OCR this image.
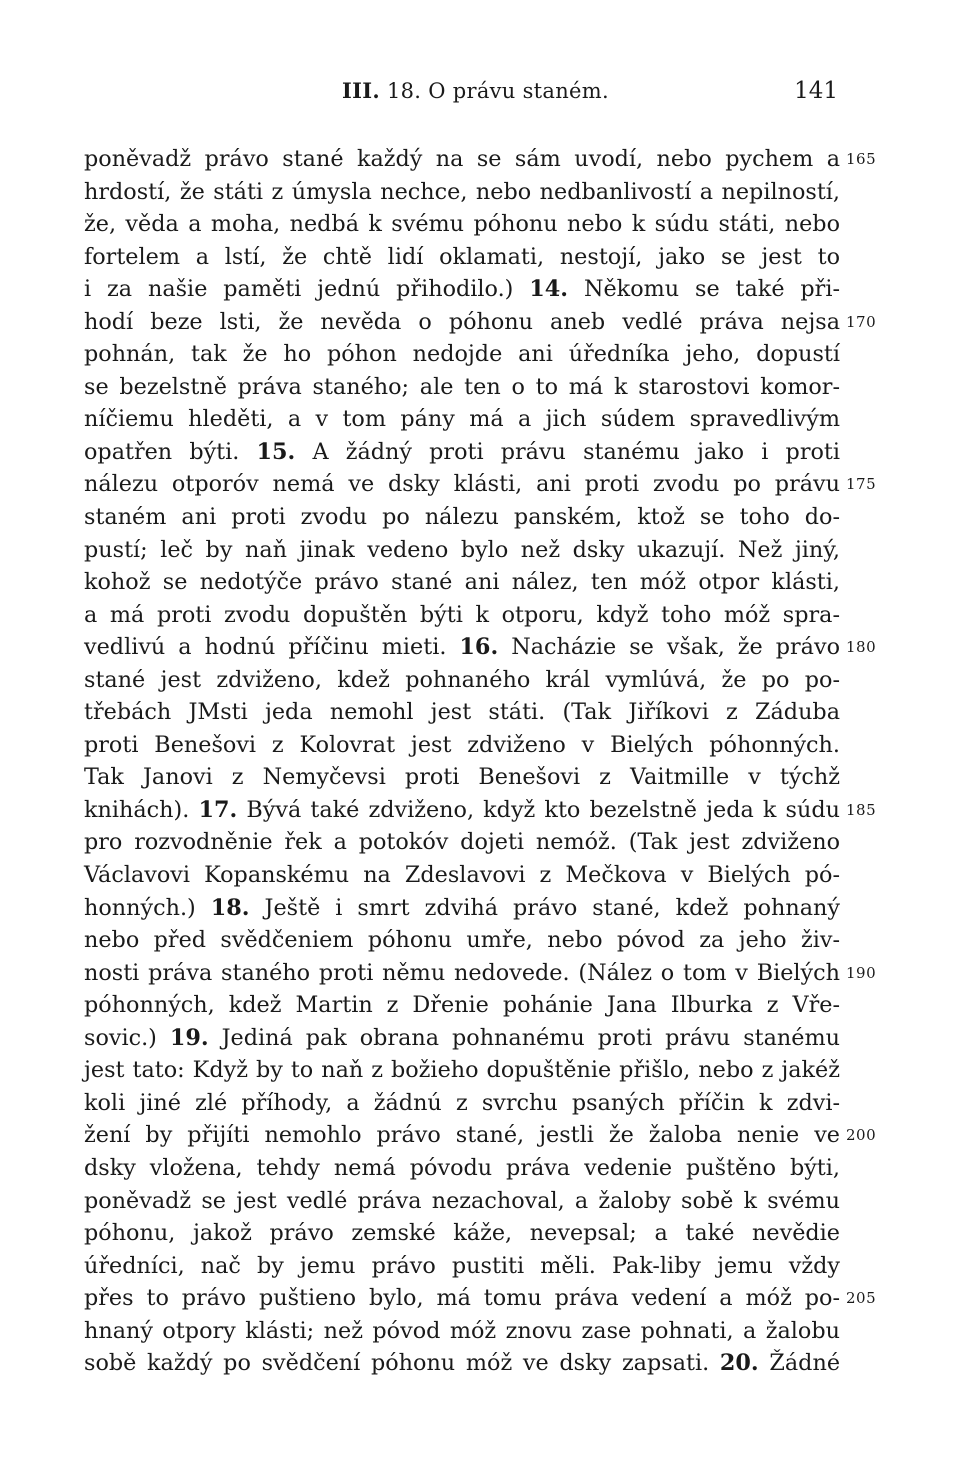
III. 18. O právu staném.	141
poněvadž právo stané každý na se sám uvodí, nebo pychem a 165
hrdostí, že státi z úmysla nechce, nebo nedbanlivostí a nepilností,
že, věda a moha, nedbá k svému póhonu nebo k súdu státi, nebo
fortelem a lstí, že chtě lidí oklamati, nestojí, jako se jest to
i za našie paměti jednú přihodilo.) 14. Někomu se také při-
hodí beze lsti, že nevěda o póhonu aneb vedlé práva nejsa 170
pohnán, tak že ho póhon nedojde ani úředníka jeho, dopustí
se bezelstně práva staného; ale ten o to má k starostovi komor-
níčiemu hleděti, a v tom pány má a jich súdem spravedlivým
opatřen býti. 15. A žádný proti právu stanému jako i proti
nálezu otporóv nemá ve dsky klásti, ani proti zvodu po právu 175
staném ani proti zvodu po nálezu panském, ktož se toho do-
pustí; leč by naň jinak vedeno bylo než dsky ukazují. Než jiný,
kohož se nedotýče právo stané ani nález, ten móž otpor klásti,
a má proti zvodu dopuštěn býti k otporu, když toho móž spra-
vedlivú a hodnú příčinu mieti. 16. Nacházie se však, že právo 180
stané jest zdviženo, kdež pohnaného král vymlúvá, že po po-
třebách JMsti jeda nemohl jest státi. (Tak Jiříkovi z Záduba
proti Benešovi z Kolovrat jest zdviženo v Bielých póhonných.
Tak Janovi z Nemyčevsi proti Benešovi z Vaitmille v týchž
knihách). 17. Bývá také zdviženo, když kto bezelstně jeda k súdu 185
pro rozvodněnie řek a potokóv dojeti nemóž. (Tak jest zdviženo
Václavovi Kopanskému na Zdeslavovi z Mečkova v Bielých pó-
honných.) 18. Ještě i smrt zdvihá právo stané, kdež pohnaný
nebo před svědčeniem póhonu umře, nebo póvod za jeho živ-
nosti práva staného proti němu nedovede. (Nález o tom v Bielých 190
póhonných, kdež Martin z Dřenie pohánie Jana Ilburka z Vře-
sovic.) 19. Jediná pak obrana pohnanému proti právu stanému
jest tato: Když by to naň z božieho dopuštěnie přišlo, nebo z jakéž
koli jiné zlé příhody, a žádnú z svrchu psaných příčin k zdvi-
žení by přijíti nemohlo právo stané, jestli že žaloba nenie ve 200
dsky vložena, tehdy nemá póvodu práva vedenie puštěno býti,
poněvadž se jest vedlé práva nezachoval, a žaloby sobě k svému
póhonu, jakož právo zemské káže, nevepsal; a také nevědie
úředníci, nač by jemu právo pustiti měli. Pak-liby jemu vždy
přes to právo puštieno bylo, má tomu práva vedení a móž po- 205
hnaný otpory klásti; než póvod móž znovu zase pohnati, a žalobu
sobě každý po svědčení póhonu móž ve dsky zapsati. 20. Žádné
